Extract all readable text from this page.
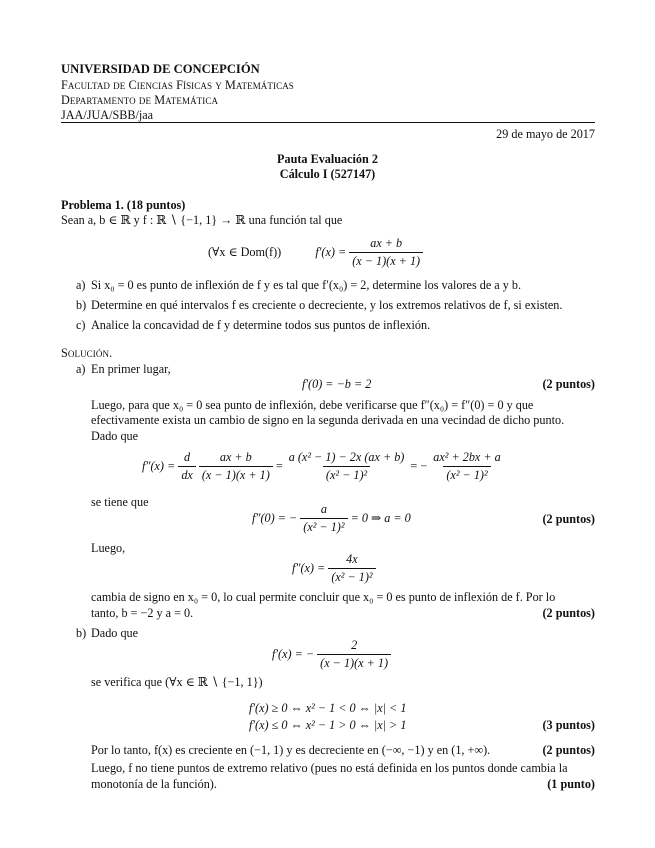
UNIVERSIDAD DE CONCEPCIÓN
Facultad de Ciencias Físicas y Matemáticas
Departamento de Matemática
JAA/JUA/SBB/jaa
29 de mayo de 2017
Pauta Evaluación 2
Cálculo I (527147)
Problema 1. (18 puntos)
Sean a, b ∈ ℝ y f : ℝ ∖ {−1, 1} → ℝ una función tal que
(∀x ∈ Dom(f))	$f'(x) = \frac{ax + b}{(x - 1)(x + 1)}$
a) Si x₀ = 0 es punto de inflexión de f y es tal que f′(x₀) = 2, determine los valores de a y b.
b) Determine en qué intervalos f es creciente o decreciente, y los extremos relativos de f, si existen.
c) Analice la concavidad de f y determine todos sus puntos de inflexión.
Solución.
a) En primer lugar,
f′(0) = −b = 2	(2 puntos)
Luego, para que x₀ = 0 sea punto de inflexión, debe verificarse que f″(x₀) = f″(0) = 0 y que
efectivamente exista un cambio de signo en la segunda derivada en una vecindad de dicho punto.
Dado que
$f''(x) = \frac{d}{dx}$
$\frac{ax + b}{(x - 1)(x + 1)} = \frac{\text{a (x² − 1) − 2x (ax + b)}}{\text{(x² − 1)²}}$ = − $\frac{\text{ax² + 2bx + a}}{\text{(x² − 1)²}}$
se tiene que
f″(0) = − $\frac{a}{\text{(x² − 1)²}} = 0$ ⇒ a = 0	(2 puntos)
Luego,
$f''(x) = \frac{4x}{\text{(x² − 1)²}}$
cambia de signo en x₀ = 0, lo cual permite concluir que x₀ = 0 es punto de inflexión de f. Por lo
tanto, b = −2 y a = 0.	(2 puntos)
b) Dado que
f′(x) = − $\frac{2}{(x - 1)(x + 1)}$
se verifica que (∀x ∈ ℝ ∖ {−1, 1})
f′(x) ≥ 0 ⇔ x² − 1 < 0 ⇔ |x| < 1
f′(x) ≤ 0 ⇔ x² − 1 > 0 ⇔ |x| > 1	(3 puntos)
Por lo tanto, f(x) es creciente en (−1, 1) y es decreciente en (−∞, −1) y en (1, +∞).	(2 puntos)
Luego, f no tiene puntos de extremo relativo (pues no está definida en los puntos donde cambia la
monotonía de la función).	(1 punto)
